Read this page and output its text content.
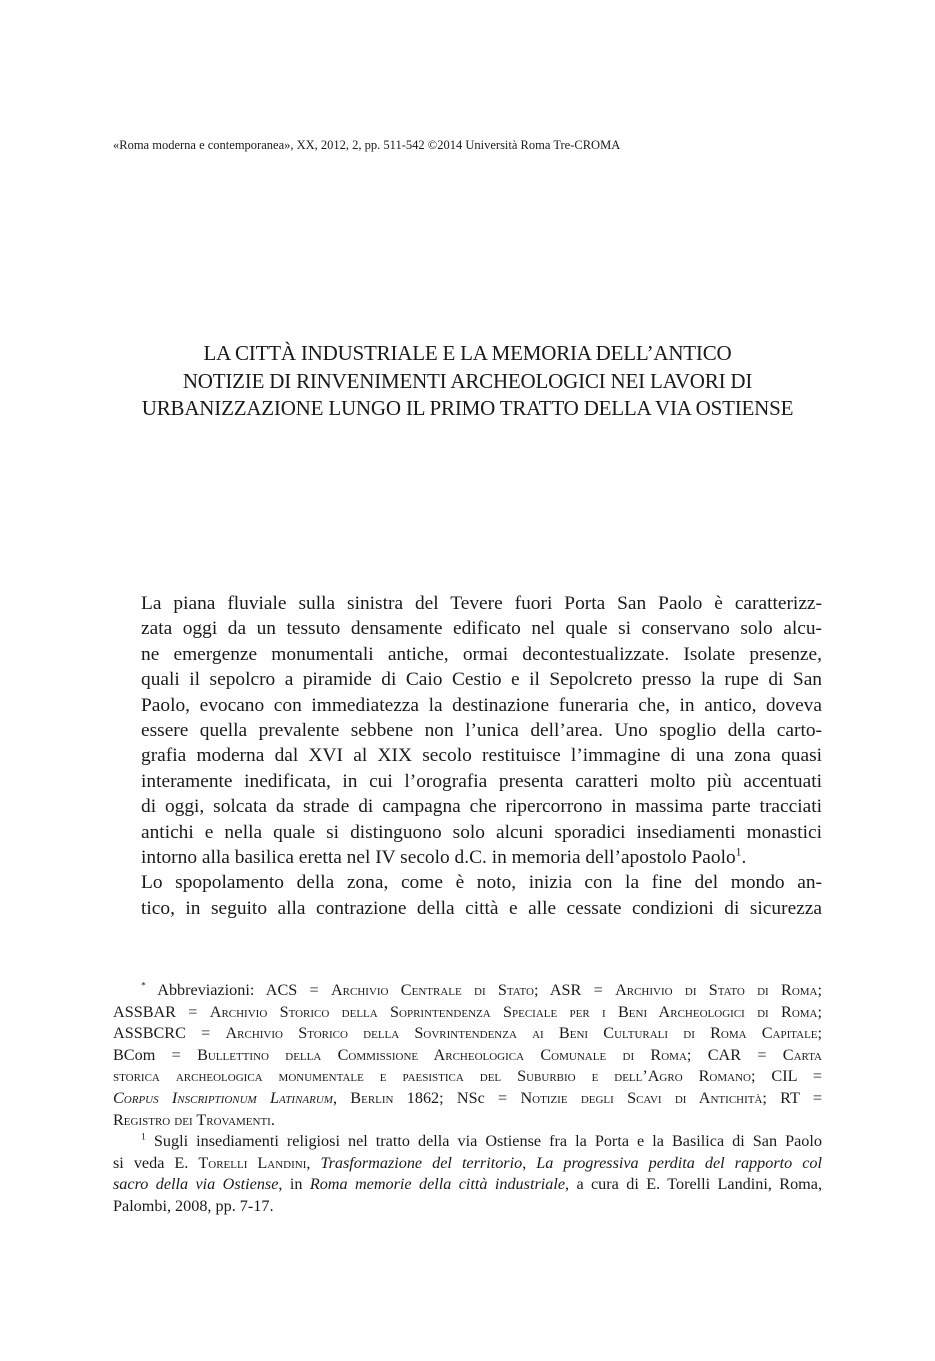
«Roma moderna e contemporanea», XX, 2012, 2, pp. 511-542 ©2014 Università Roma Tre-CROMA
LA CITTÀ INDUSTRIALE E LA MEMORIA DELL’ANTICO
NOTIZIE DI RINVENIMENTI ARCHEOLOGICI NEI LAVORI DI
URBANIZZAZIONE LUNGO IL PRIMO TRATTO DELLA VIA OSTIENSE

La piana fluviale sulla sinistra del Tevere fuori Porta San Paolo è caratterizz-
zata oggi da un tessuto densamente edificato nel quale si conservano solo alcu-
ne emergenze monumentali antiche, ormai decontestualizzate. Isolate presenze,
quali il sepolcro a piramide di Caio Cestio e il Sepolcreto presso la rupe di San
Paolo, evocano con immediatezza la destinazione funeraria che, in antico, doveva
essere quella prevalente sebbene non l’unica dell’area. Uno spoglio della carto-
grafia moderna dal XVI al XIX secolo restituisce l’immagine di una zona quasi
interamente inedificata, in cui l’orografia presenta caratteri molto più accentuati
di oggi, solcata da strade di campagna che ripercorrono in massima parte tracciati
antichi e nella quale si distinguono solo alcuni sporadici insediamenti monastici
intorno alla basilica eretta nel IV secolo d.C. in memoria dell’apostolo Paolo$^1$.

Lo spopolamento della zona, come è noto, inizia con la fine del mondo an-
tico, in seguito alla contrazione della città e alle cessate condizioni di sicurezza

* Abbreviazioni: ACS = Archivio Centrale di Stato; ASR = Archivio di Stato di Roma;
ASSBAR = Archivio Storico della Soprintendenza Speciale per i Beni Archeologici di Roma;
ASSBCRC = Archivio Storico della Sovrintendenza ai Beni Culturali di Roma Capitale;
BCom = Bullettino della Commissione Archeologica Comunale di Roma; CAR = Carta
storica archeologica monumentale e paesistica del Suburbio e dell’Agro Romano; CIL =
Corpus Inscriptionum Latinarum, Berlin 1862; NSc = Notizie degli Scavi di Antichità; RT =
Registro dei Trovamenti.
$^1$ Sugli insediamenti religiosi nel tratto della via Ostiense fra la Porta e la Basilica di San Paolo
si veda E. Torelli Landini, Trasformazione del territorio, La progressiva perdita del rapporto col
sacro della via Ostiense, in Roma memorie della città industriale, a cura di E. Torelli Landini, Roma,
Palombi, 2008, pp. 7-17.
